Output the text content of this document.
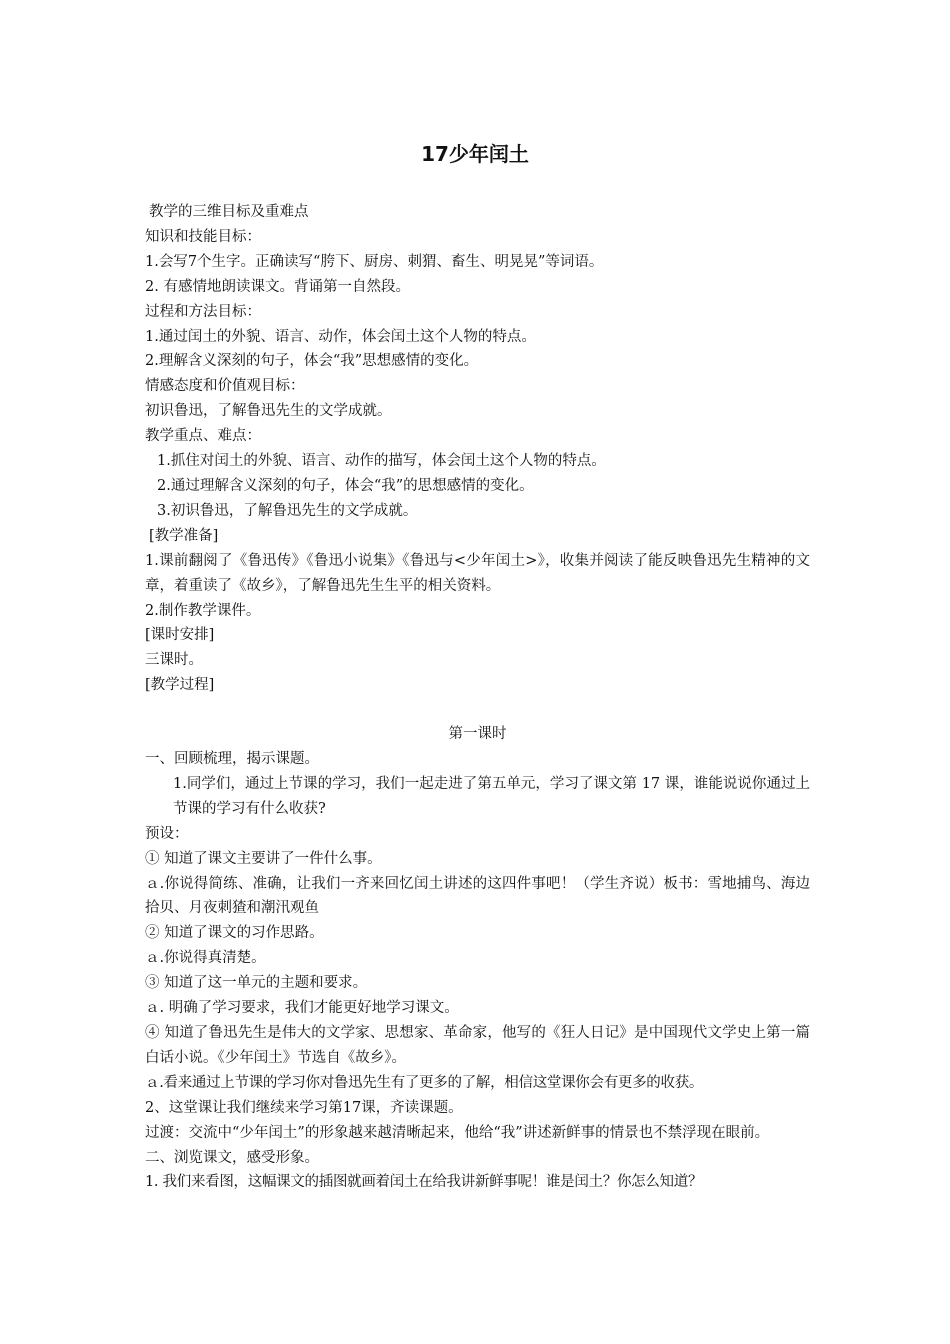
17少年闰土
教学的三维目标及重难点
知识和技能目标：
1.会写7个生字。正确读写“胯下、厨房、刺猬、畜生、明晃晃”等词语。
2. 有感情地朗读课文。背诵第一自然段。
过程和方法目标：
1.通过闰土的外貌、语言、动作，体会闰土这个人物的特点。
2.理解含义深刻的句子，体会“我”思想感情的变化。
情感态度和价值观目标：
初识鲁迅，了解鲁迅先生的文学成就。
教学重点、难点：
1.抓住对闰土的外貌、语言、动作的描写，体会闰土这个人物的特点。
2.通过理解含义深刻的句子，体会“我”的思想感情的变化。
3.初识鲁迅，了解鲁迅先生的文学成就。
[教学准备]
1.课前翻阅了《鲁迅传》《鲁迅小说集》《鲁迅与<少年闰土>》，收集并阅读了能反映鲁迅先生精神的文章，着重读了《故乡》，了解鲁迅先生生平的相关资料。
2.制作教学课件。
[课时安排]
三课时。
[教学过程]
第一课时
一、回顾梳理，揭示课题。
1.同学们，通过上节课的学习，我们一起走进了第五单元，学习了课文第 17 课，谁能说说你通过上节课的学习有什么收获?
预设：
① 知道了课文主要讲了一件什么事。
ａ.你说得简练、准确，让我们一齐来回忆闰土讲述的这四件事吧！（学生齐说）板书：雪地捕鸟、海边拾贝、月夜刺猹和潮汛观鱼
② 知道了课文的习作思路。
ａ.你说得真清楚。
③ 知道了这一单元的主题和要求。
ａ. 明确了学习要求，我们才能更好地学习课文。
④ 知道了鲁迅先生是伟大的文学家、思想家、革命家，他写的《狂人日记》是中国现代文学史上第一篇白话小说。《少年闰土》节选自《故乡》。
ａ.看来通过上节课的学习你对鲁迅先生有了更多的了解，相信这堂课你会有更多的收获。
2、这堂课让我们继续来学习第17课，齐读课题。
过渡：交流中“少年闰土”的形象越来越清晰起来，他给“我”讲述新鲜事的情景也不禁浮现在眼前。
二、浏览课文，感受形象。
1. 我们来看图，这幅课文的插图就画着闰土在给我讲新鲜事呢！谁是闰土？你怎么知道？
